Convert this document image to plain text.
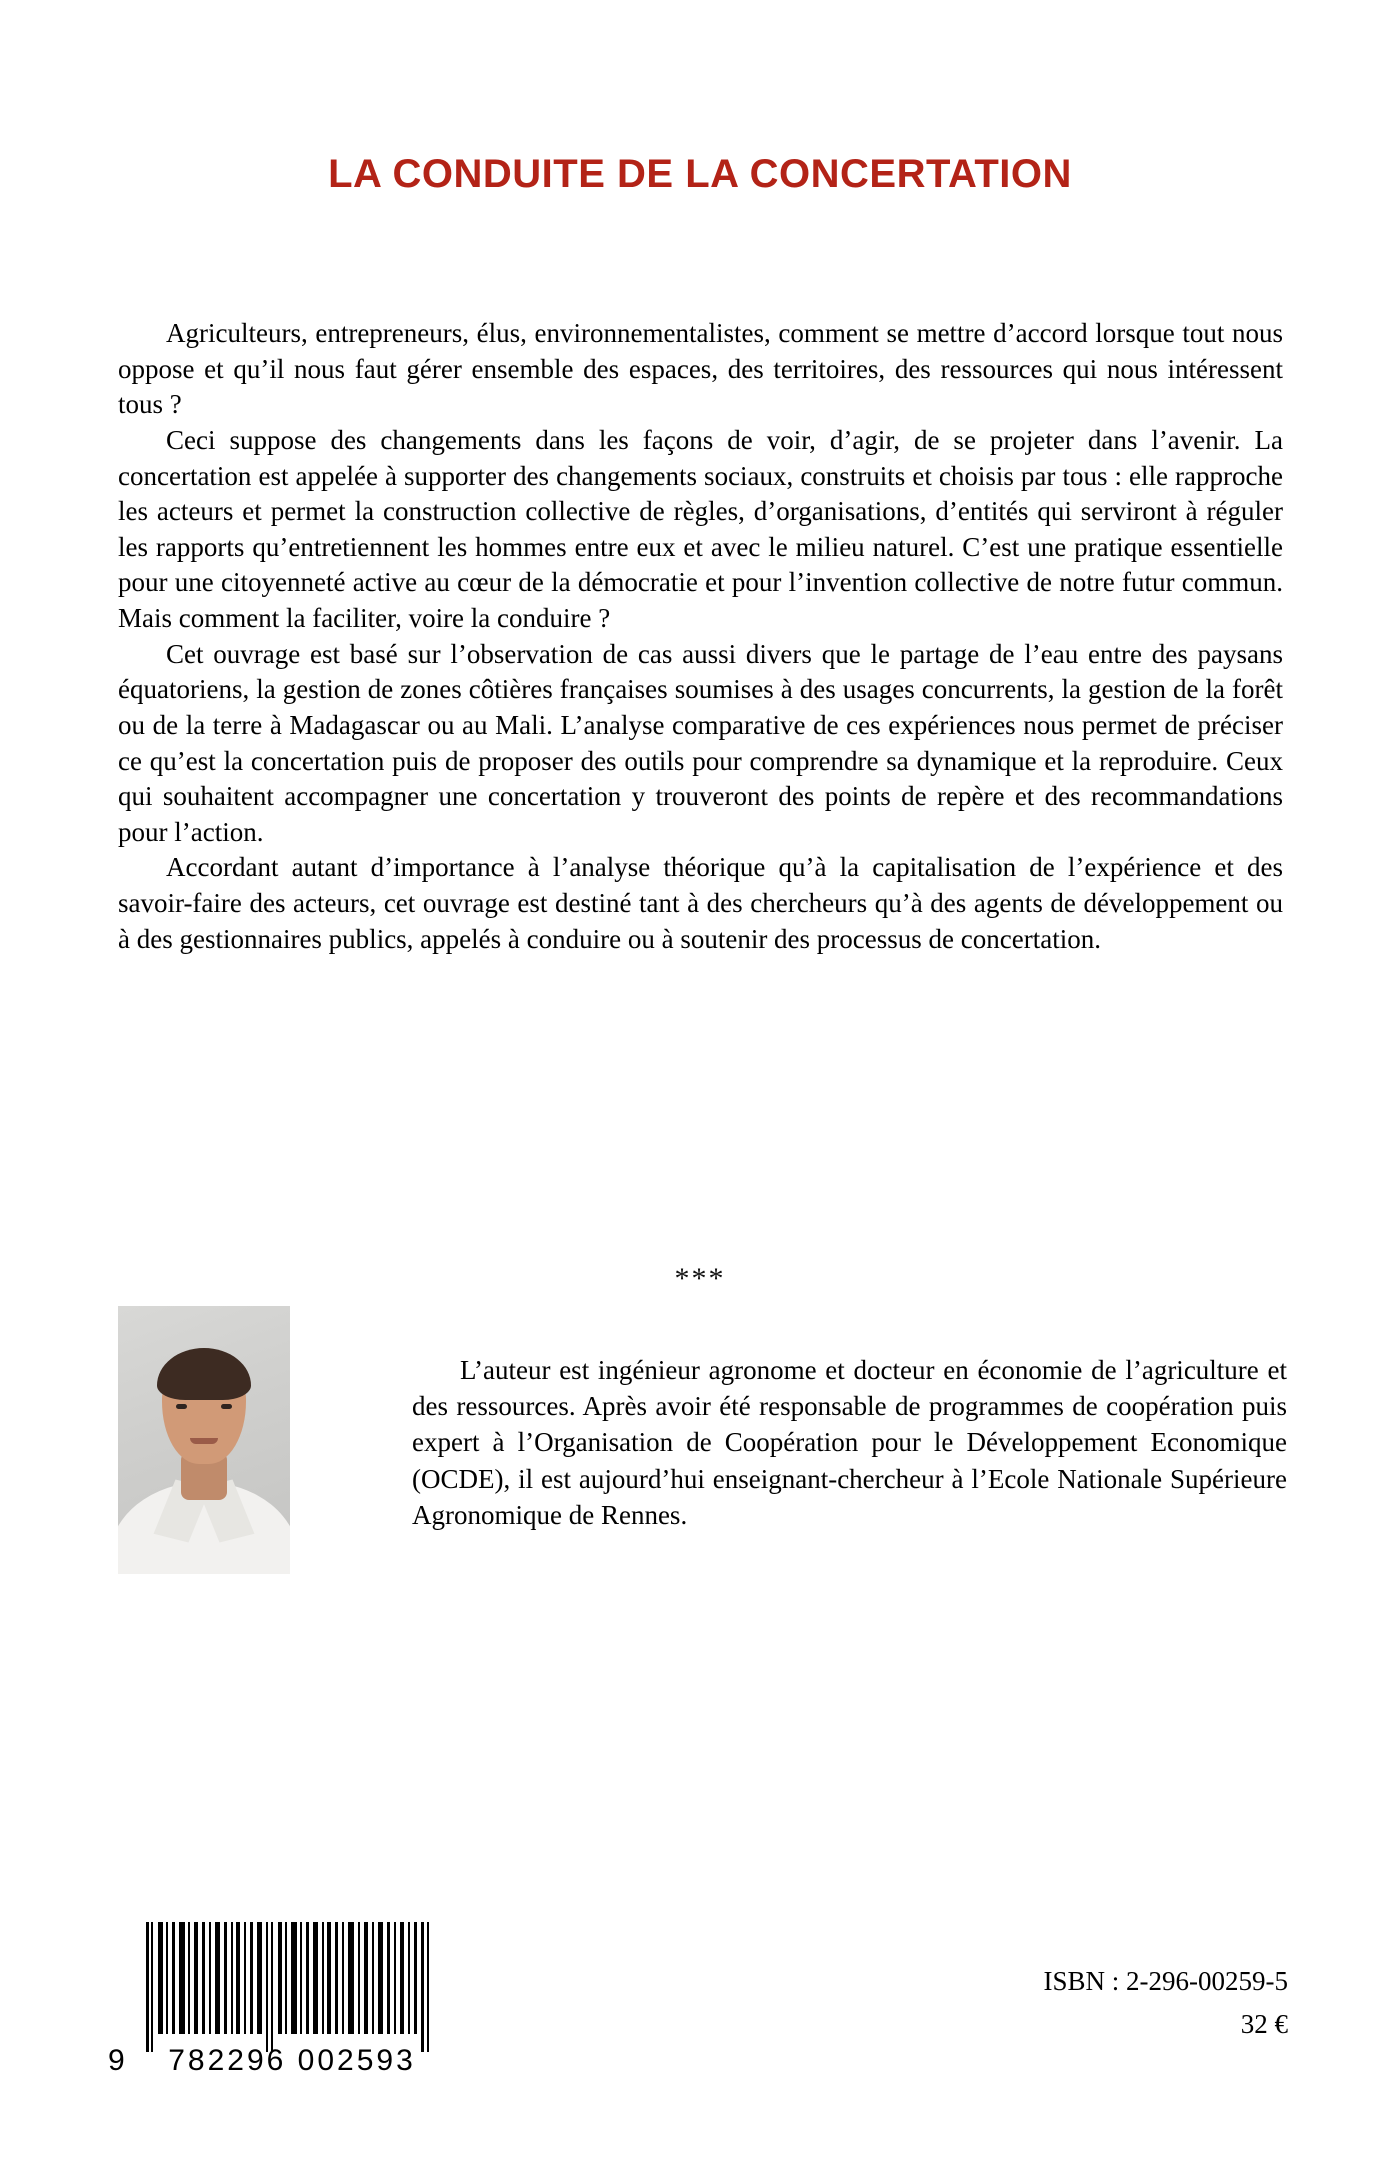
LA CONDUITE DE LA CONCERTATION

Agriculteurs, entrepreneurs, élus, environnementalistes, comment se mettre d’accord lorsque tout nous oppose et qu’il nous faut gérer ensemble des espaces, des territoires, des ressources qui nous intéressent tous ?

Ceci suppose des changements dans les façons de voir, d’agir, de se projeter dans l’avenir. La concertation est appelée à supporter des changements sociaux, construits et choisis par tous : elle rapproche les acteurs et permet la construction collective de règles, d’organisations, d’entités qui serviront à réguler les rapports qu’entretiennent les hommes entre eux et avec le milieu naturel. C’est une pratique essentielle pour une citoyenneté active au cœur de la démocratie et pour l’invention collective de notre futur commun. Mais comment la faciliter, voire la conduire ?

Cet ouvrage est basé sur l’observation de cas aussi divers que le partage de l’eau entre des paysans équatoriens, la gestion de zones côtières françaises soumises à des usages concurrents, la gestion de la forêt ou de la terre à Madagascar ou au Mali. L’analyse comparative de ces expériences nous permet de préciser ce qu’est la concertation puis de proposer des outils pour comprendre sa dynamique et la reproduire. Ceux qui souhaitent accompagner une concertation y trouveront des points de repère et des recommandations pour l’action.

Accordant autant d’importance à l’analyse théorique qu’à la capitalisation de l’expérience et des savoir-faire des acteurs, cet ouvrage est destiné tant à des chercheurs qu’à des agents de développement ou à des gestionnaires publics, appelés à conduire ou à soutenir des processus de concertation.

***

L’auteur est ingénieur agronome et docteur en économie de l’agriculture et des ressources. Après avoir été responsable de programmes de coopération puis expert à l’Organisation de Coopération pour le Développement Economique (OCDE), il est aujourd’hui enseignant-chercheur à l’Ecole Nationale Supérieure Agronomique de Rennes.

9	782296 002593
ISBN : 2-296-00259-5
32 €
